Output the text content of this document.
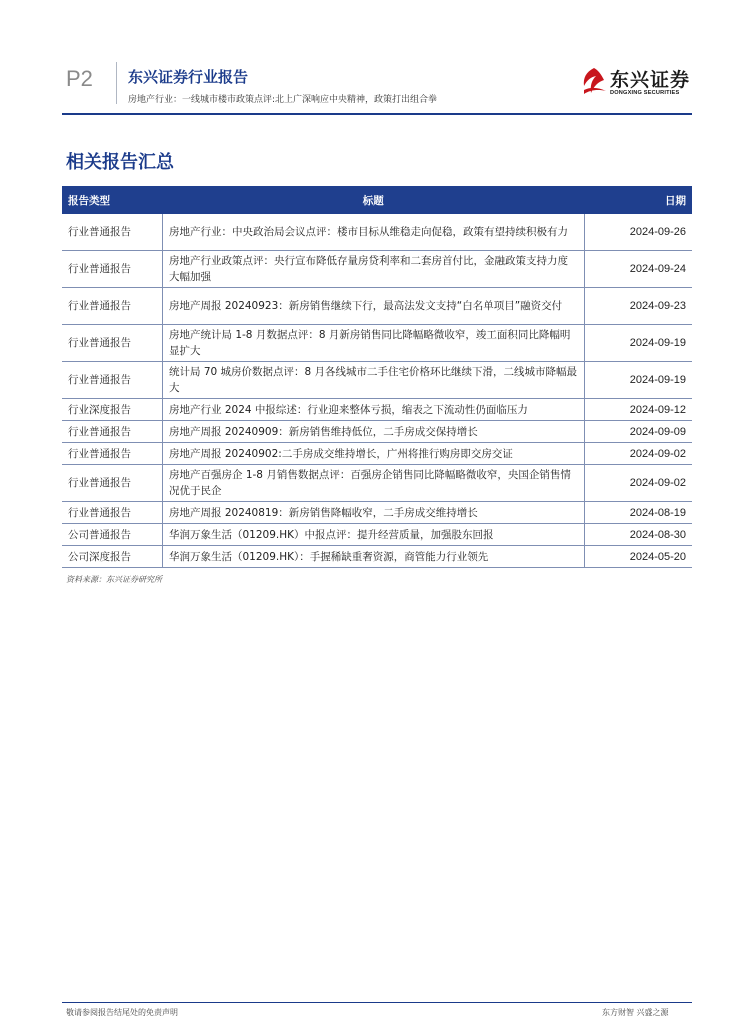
P2 东兴证券行业报告
房地产行业：一线城市楼市政策点评:北上广深响应中央精神，政策打出组合拳
东兴证券
DONGXING SECURITIES
相关报告汇总
报告类型	标题	日期
行业普通报告	房地产行业：中央政治局会议点评：楼市目标从维稳走向促稳，政策有望持续积极有力	2024-09-26
行业普通报告	房地产行业政策点评：央行宣布降低存量房贷利率和二套房首付比，金融政策支持力度大幅加强	2024-09-24
行业普通报告	房地产周报 20240923：新房销售继续下行，最高法发文支持“白名单项目”融资交付	2024-09-23
行业普通报告	房地产统计局 1-8 月数据点评：8 月新房销售同比降幅略微收窄，竣工面积同比降幅明显扩大	2024-09-19
行业普通报告	统计局 70 城房价数据点评：8 月各线城市二手住宅价格环比继续下滑，二线城市降幅最大	2024-09-19
行业深度报告	房地产行业 2024 中报综述：行业迎来整体亏损，缩表之下流动性仍面临压力	2024-09-12
行业普通报告	房地产周报 20240909：新房销售维持低位，二手房成交保持增长	2024-09-09
行业普通报告	房地产周报 20240902:二手房成交维持增长，广州将推行购房即交房交证	2024-09-02
行业普通报告	房地产百强房企 1-8 月销售数据点评：百强房企销售同比降幅略微收窄，央国企销售情况优于民企	2024-09-02
行业普通报告	房地产周报 20240819：新房销售降幅收窄，二手房成交维持增长	2024-08-19
公司普通报告	华润万象生活（01209.HK）中报点评：提升经营质量，加强股东回报	2024-08-30
公司深度报告	华润万象生活（01209.HK）：手握稀缺重奢资源，商管能力行业领先	2024-05-20
资料来源：东兴证券研究所
敬请参阅报告结尾处的免责声明	东方财智 兴盛之源
